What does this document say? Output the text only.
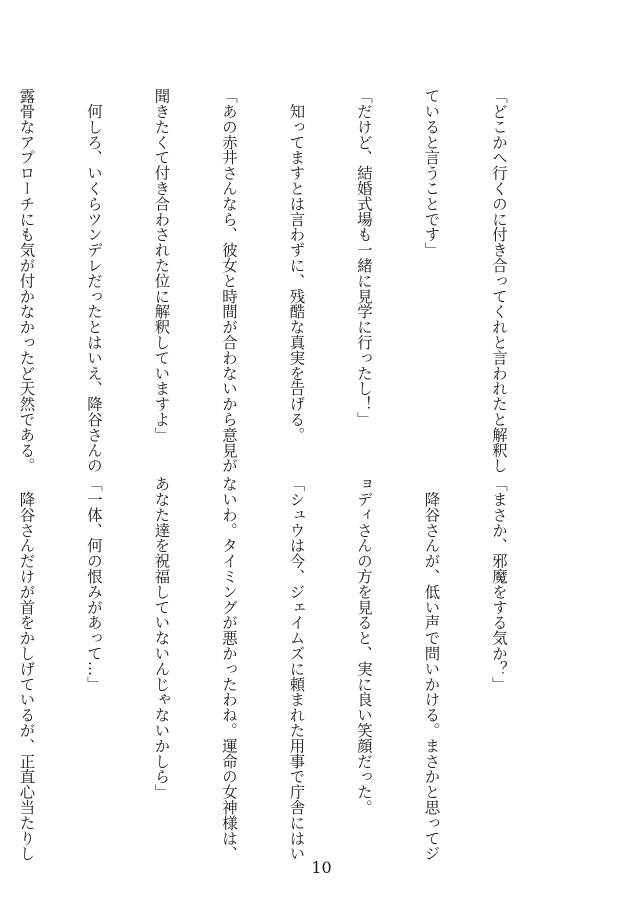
「どこかへ行くのに付き合ってくれと言われたと解釈し

ていると言うことです」

「だけど、結婚式場も一緒に見学に行ったし！」

　知ってますとは言わずに、残酷な真実を告げる。

「あの赤井さんなら、彼女と時間が合わないから意見が

聞きたくて付き合わされた位に解釈していますよ」

　何しろ、いくらツンデレだったとはいえ、降谷さんの

露骨なアプローチにも気が付かなかったど天然である。

「まさか、邪魔をする気か？」

　降谷さんが、低い声で問いかける。まさかと思ってジ

ョディさんの方を見ると、実に良い笑顔だった。

「シュウは今、ジェイムズに頼まれた用事で庁舎にはい

ないわ。タイミングが悪かったわね。運命の女神様は、

あなた達を祝福していないんじゃないかしら」

「一体、何の恨みがあって…」

　降谷さんだけが首をかしげているが、正直心当たりし

10
